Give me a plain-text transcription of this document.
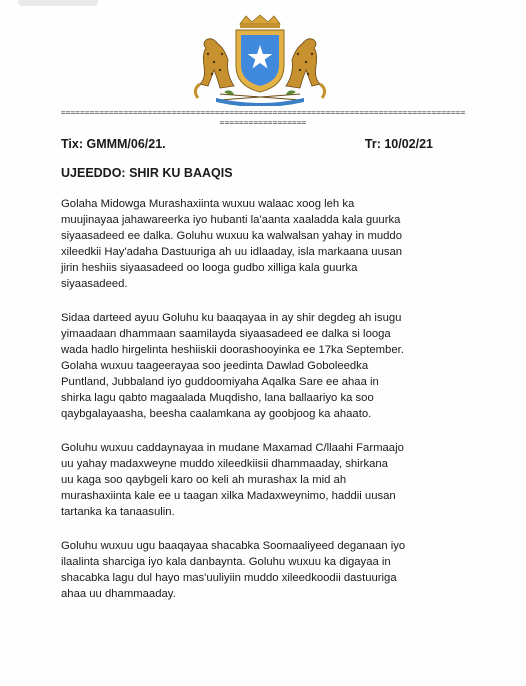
======================================================================================================
Tix: GMMM/06/21.	Tr: 10/02/21
UJEEDDO: SHIR KU BAAQIS

Golaha Midowga Murashaxiinta wuxuu walaac xoog leh ka
muujinayaa jahawareerka iyo hubanti la'aanta xaaladda kala guurka
siyaasadeed ee dalka. Goluhu wuxuu ka walwalsan yahay in muddo
xileedkii Hay'adaha Dastuuriga ah uu idlaaday, isla markaana uusan
jirin heshiis siyaasadeed oo looga gudbo xilliga kala guurka
siyaasadeed.

Sidaa darteed ayuu Goluhu ku baaqayaa in ay shir degdeg ah isugu
yimaadaan dhammaan saamilayda siyaasadeed ee dalka si looga
wada hadlo hirgelinta heshiiskii doorashooyinka ee 17ka September.
Golaha wuxuu taageerayaa soo jeedinta Dawlad Goboleedka
Puntland, Jubbaland iyo guddoomiyaha Aqalka Sare ee ahaa in
shirka lagu qabto magaalada Muqdisho, lana ballaariyo ka soo
qaybgalayaasha, beesha caalamkana ay goobjoog ka ahaato.

Goluhu wuxuu caddaynayaa in mudane Maxamad C/llaahi Farmaajo
uu yahay madaxweyne muddo xileedkiisii dhammaaday, shirkana
uu kaga soo qaybgeli karo oo keli ah murashax la mid ah
murashaxiinta kale ee u taagan xilka Madaxweynimo, haddii uusan
tartanka ka tanaasulin.

Goluhu wuxuu ugu baaqayaa shacabka Soomaaliyeed deganaan iyo
ilaalinta sharciga iyo kala danbaynta. Goluhu wuxuu ka digayaa in
shacabka lagu dul hayo mas'uuliyiin muddo xileedkoodii dastuuriga
ahaa uu dhammaaday.
